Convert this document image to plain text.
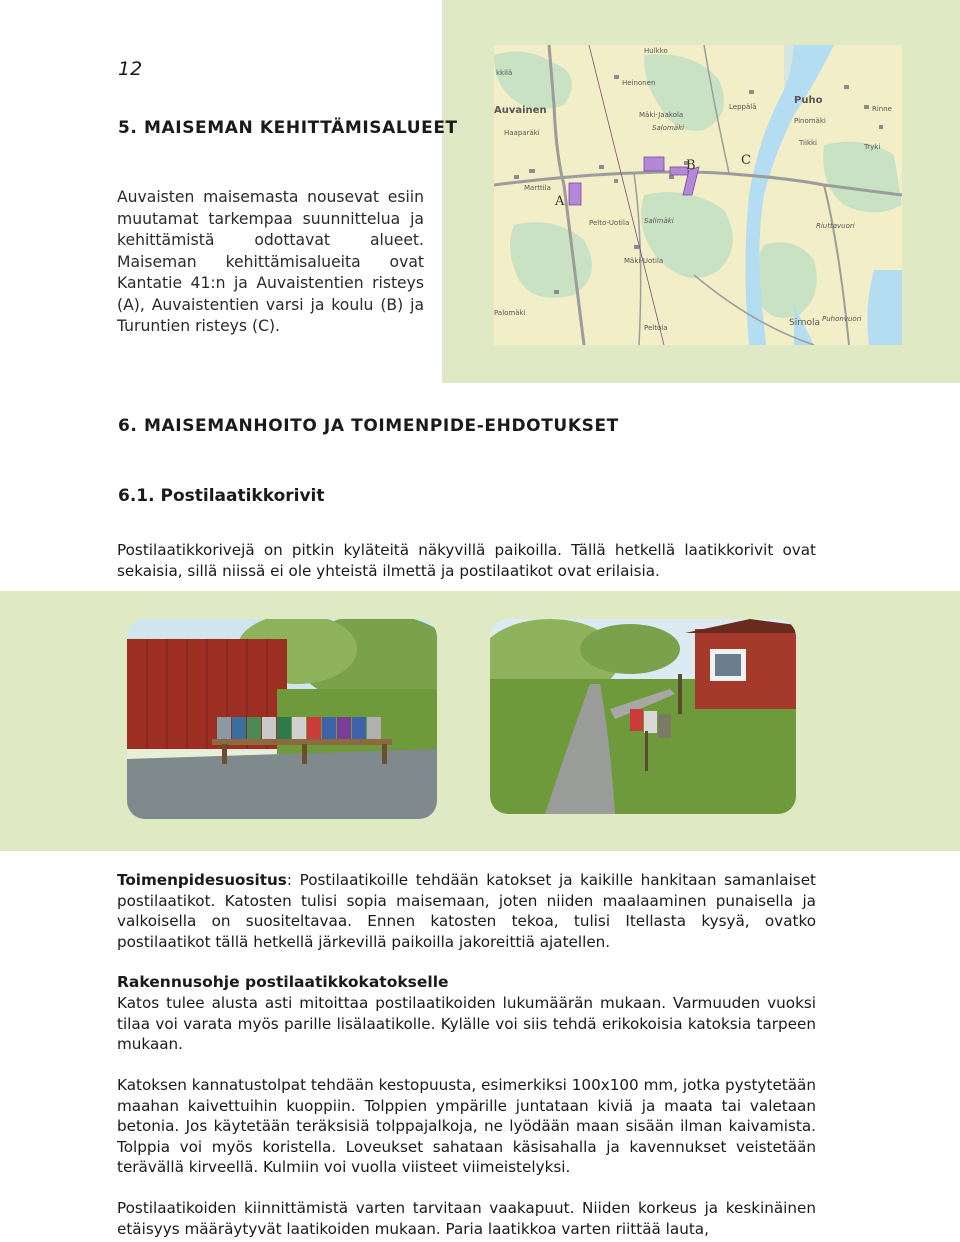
12
Auvainen
Heinonen
Mäki-Jaakola
Salomäki
Leppälä
Puho
Pinomäki
Haaparäki
Marttila
Pelto-Uotila Salimäki
Mäki-Uotila
Palomäki
Peltola
Riuttavuori
Tiikki	Tryki
Rinne
Sirnola Puhonvuori
Hulkko
kkilä
A
B	C
5. MAISEMAN KEHITTÄMISALUEET
Auvaisten maisemasta nousevat esiin muutamat tarkempaa suunnittelua ja kehittämistä odottavat alueet. Maiseman kehittämisalueita ovat Kantatie 41:n ja Auvaistentien risteys (A), Auvaistentien varsi ja koulu (B) ja Turuntien risteys (C).
6. MAISEMANHOITO JA TOIMENPIDE-EHDOTUKSET
6.1. Postilaatikkorivit
Postilaatikkorivejä on pitkin kyläteitä näkyvillä paikoilla. Tällä hetkellä laatikkorivit ovat sekaisia, sillä niissä ei ole yhteistä ilmettä ja postilaatikot ovat erilaisia.

Toimenpidesuositus: Postilaatikoille tehdään katokset ja kaikille hankitaan samanlaiset postilaatikot. Katosten tulisi sopia maisemaan, joten niiden maalaaminen punaisella ja valkoisella on suositeltavaa. Ennen katosten tekoa, tulisi Itellasta kysyä, ovatko postilaatikot tällä hetkellä järkevillä paikoilla jakoreittiä ajatellen.

Rakennusohje postilaatikkokatokselle
Katos tulee alusta asti mitoittaa postilaatikoiden lukumäärän mukaan. Varmuuden vuoksi tilaa voi varata myös parille lisälaatikolle. Kylälle voi siis tehdä erikokoisia katoksia tarpeen mukaan.
Katoksen kannatustolpat tehdään kestopuusta, esimerkiksi 100x100 mm, jotka pystytetään maahan kaivettuihin kuoppiin. Tolppien ympärille juntataan kiviä ja maata tai valetaan betonia. Jos käytetään teräksisiä tolppajalkoja, ne lyödään maan sisään ilman kaivamista. Tolppia voi myös koristella. Loveukset sahataan käsisahalla ja kavennukset veistetään terävällä kirveellä. Kulmiin voi vuolla viisteet viimeistelyksi.
Postilaatikoiden kiinnittämistä varten tarvitaan vaakapuut. Niiden korkeus ja keskinäinen etäisyys määräytyvät laatikoiden mukaan. Paria laatikkoa varten riittää lauta,
